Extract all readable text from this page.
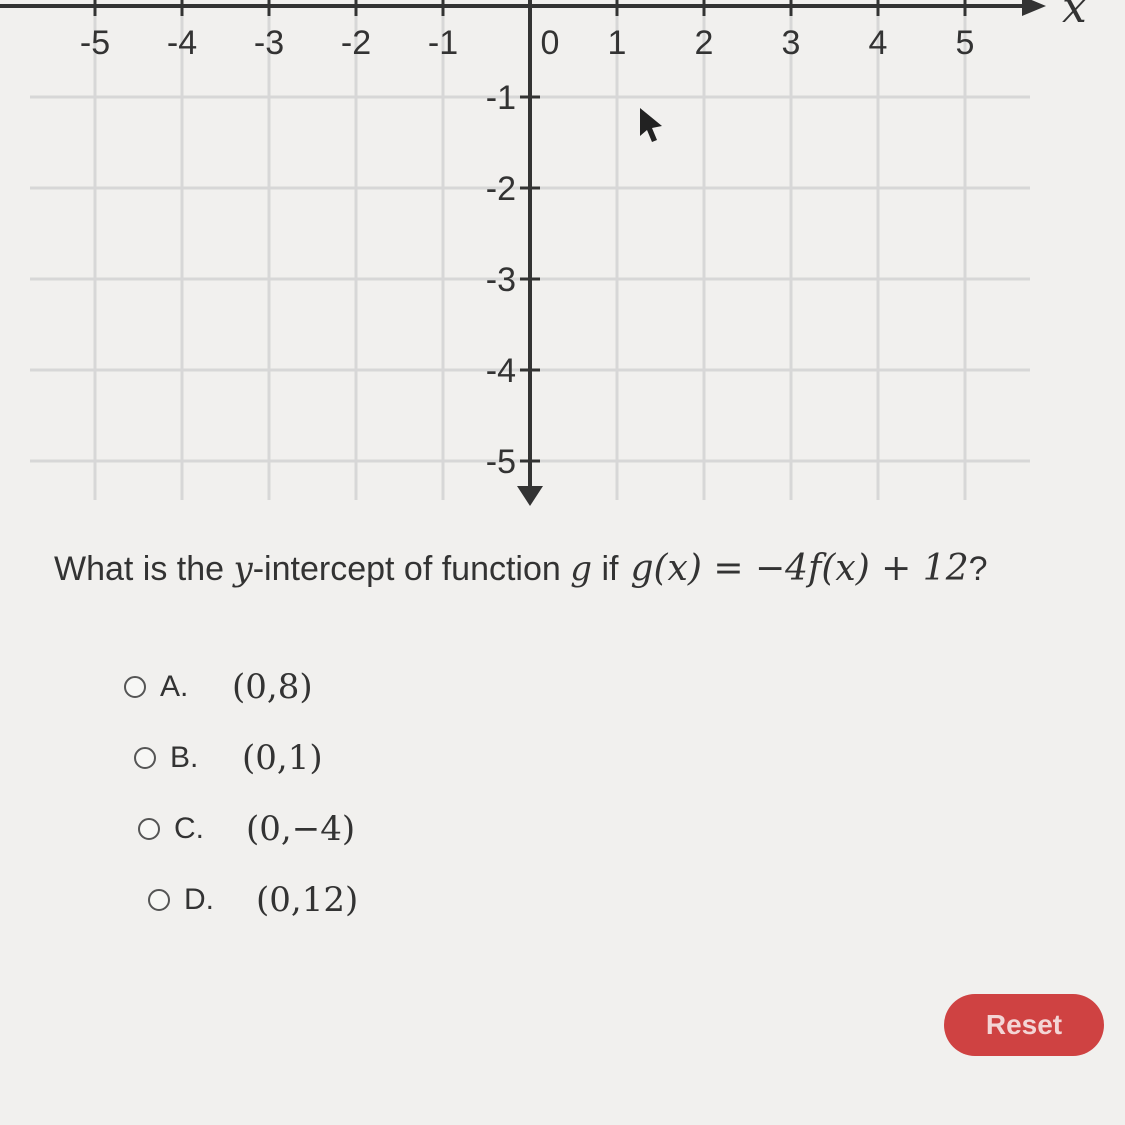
-5 -4 -3 -2 -1 0 1 2 3 4 5
-1
-2
-3
-4
-5
x
What is the y-intercept of function g if g(x) = −4f(x) + 12?
A.	(0,8)
B.	(0,1)
C.	(0,−4)
D.	(0,12)
Reset
